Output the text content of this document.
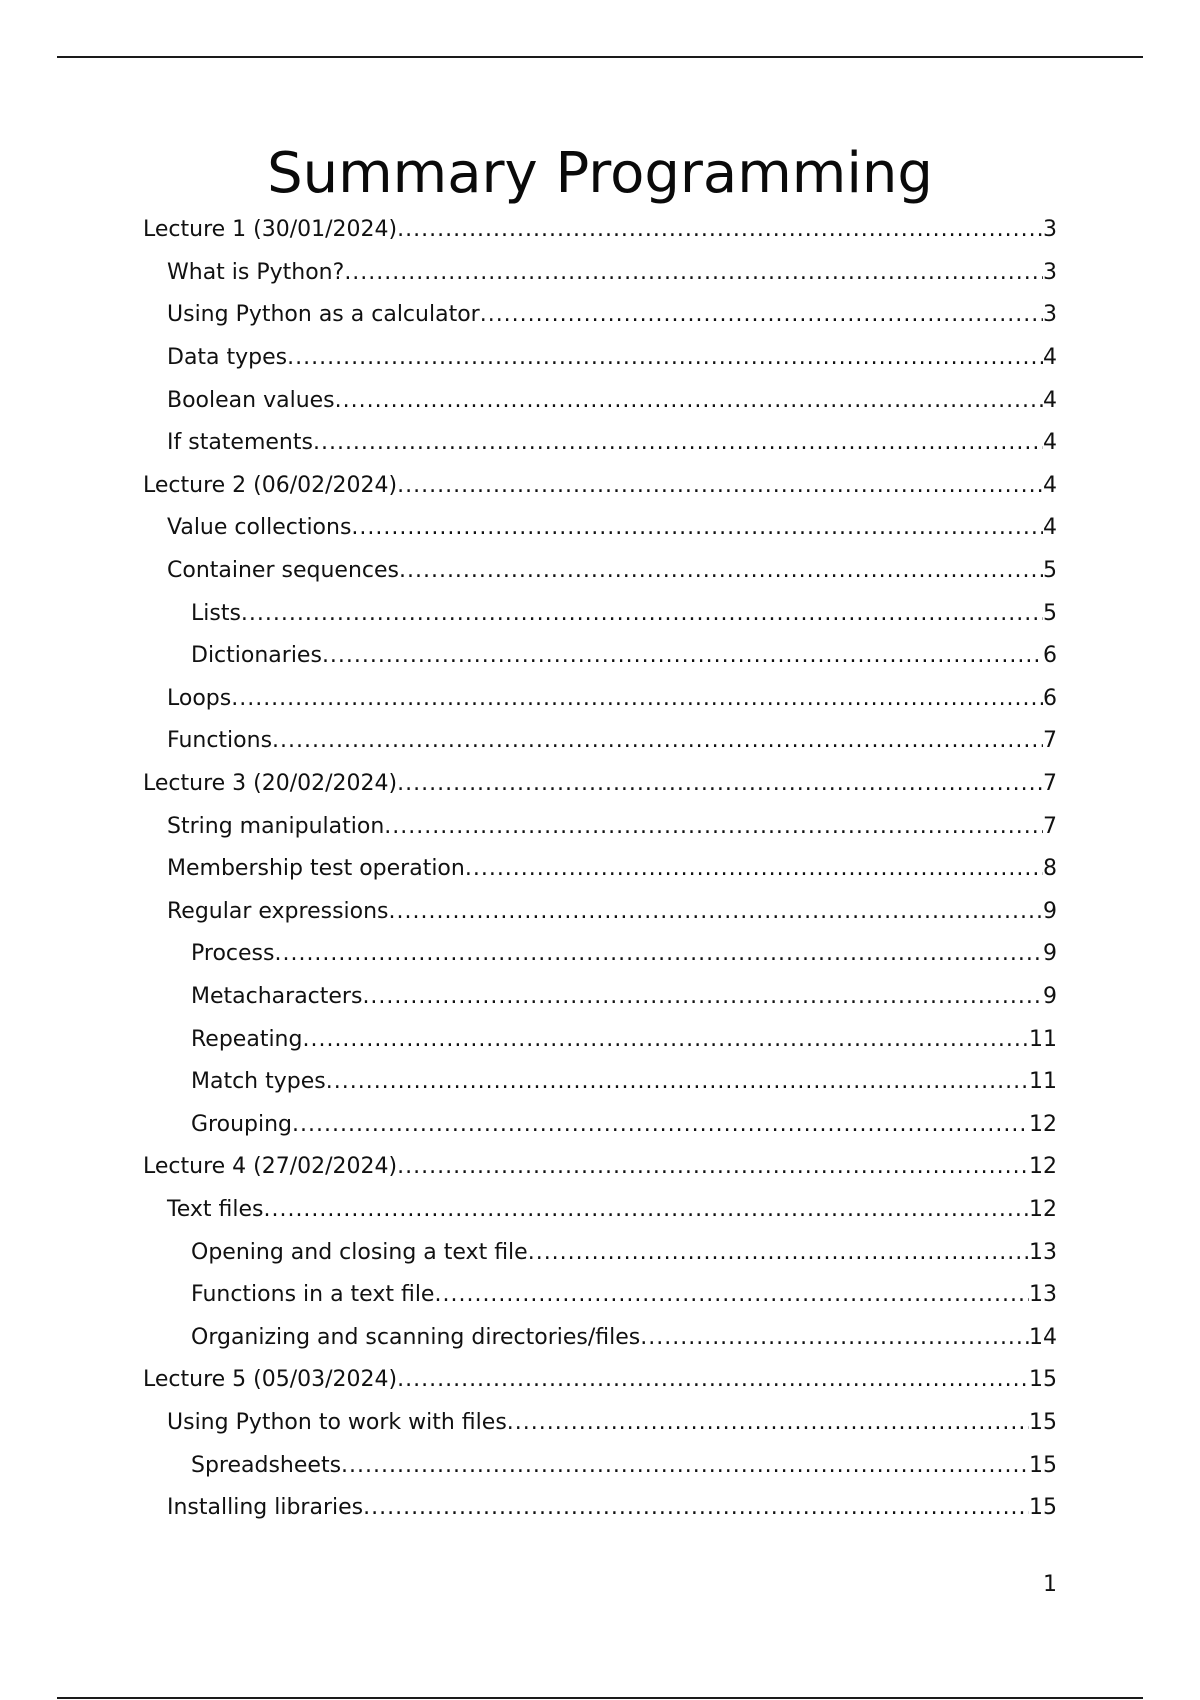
Summary Programming
Lecture 1 (30/01/2024) .....	3
What is Python? .....	3
Using Python as a calculator .....	3
Data types .....	4
Boolean values .....	4
If statements .....	4
Lecture 2 (06/02/2024) .....	4
Value collections .....	4
Container sequences .....	5
Lists .....	5
Dictionaries .....	6
Loops .....	6
Functions .....	7
Lecture 3 (20/02/2024) .....	7
String manipulation .....	7
Membership test operation .....	8
Regular expressions .....	9
Process .....	9
Metacharacters .....	9
Repeating .....	11
Match types .....	11
Grouping .....	12
Lecture 4 (27/02/2024) .....	12
Text files .....	12
Opening and closing a text file .....	13
Functions in a text file .....	13
Organizing and scanning directories/files .....	14
Lecture 5 (05/03/2024) .....	15
Using Python to work with files .....	15
Spreadsheets .....	15
Installing libraries .....	15
1
